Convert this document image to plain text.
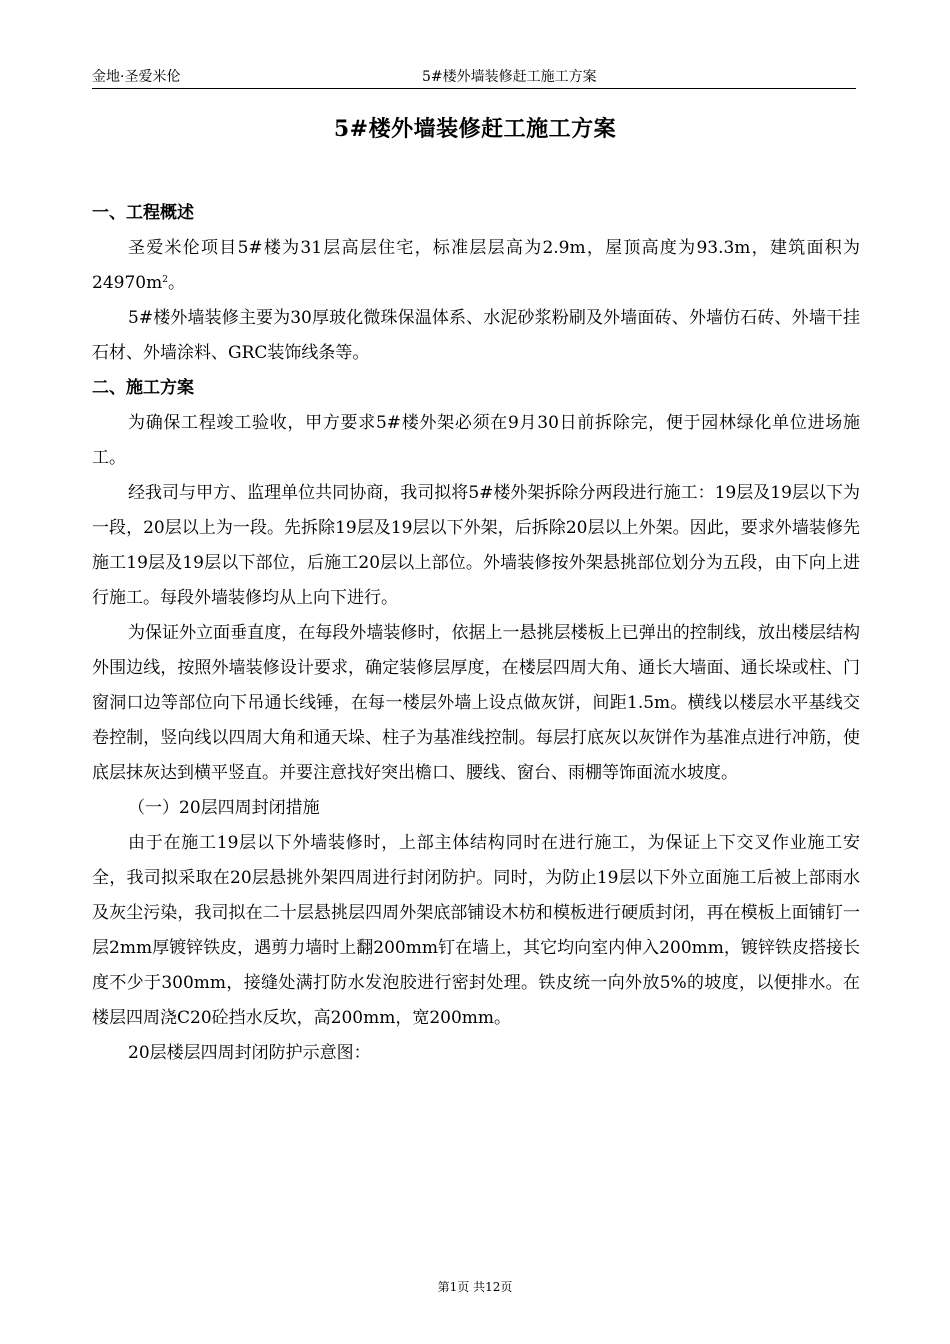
金地·圣爱米伦	5#楼外墙装修赶工施工方案
5#楼外墙装修赶工施工方案

一、工程概述

圣爱米伦项目5#楼为31层高层住宅，标准层层高为2.9m，屋顶高度为93.3m，建筑面积为$24970m^2$。

5#楼外墙装修主要为30厚玻化微珠保温体系、水泥砂浆粉刷及外墙面砖、外墙仿石砖、外墙干挂石材、外墙涂料、GRC装饰线条等。

二、施工方案

为确保工程竣工验收，甲方要求5#楼外架必须在9月30日前拆除完，便于园林绿化单位进场施工。

经我司与甲方、监理单位共同协商，我司拟将5#楼外架拆除分两段进行施工：19层及19层以下为一段，20层以上为一段。先拆除19层及19层以下外架，后拆除20层以上外架。因此，要求外墙装修先施工19层及19层以下部位，后施工20层以上部位。外墙装修按外架悬挑部位划分为五段，由下向上进行施工。每段外墙装修均从上向下进行。

为保证外立面垂直度，在每段外墙装修时，依据上一悬挑层楼板上已弹出的控制线，放出楼层结构外围边线，按照外墙装修设计要求，确定装修层厚度，在楼层四周大角、通长大墙面、通长垛或柱、门窗洞口边等部位向下吊通长线锤，在每一楼层外墙上设点做灰饼，间距1.5m。横线以楼层水平基线交卷控制，竖向线以四周大角和通天垛、柱子为基准线控制。每层打底灰以灰饼作为基准点进行冲筋，使底层抹灰达到横平竖直。并要注意找好突出檐口、腰线、窗台、雨棚等饰面流水坡度。

（一）20层四周封闭措施

由于在施工19层以下外墙装修时，上部主体结构同时在进行施工，为保证上下交叉作业施工安全，我司拟采取在20层悬挑外架四周进行封闭防护。同时，为防止19层以下外立面施工后被上部雨水及灰尘污染，我司拟在二十层悬挑层四周外架底部铺设木枋和模板进行硬质封闭，再在模板上面铺钉一层2mm厚镀锌铁皮，遇剪力墙时上翻200mm钉在墙上，其它均向室内伸入200mm，镀锌铁皮搭接长度不少于300mm，接缝处满打防水发泡胶进行密封处理。铁皮统一向外放5%的坡度，以便排水。在楼层四周浇C20砼挡水反坎，高200mm，宽200mm。

20层楼层四周封闭防护示意图：

第1页 共12页
